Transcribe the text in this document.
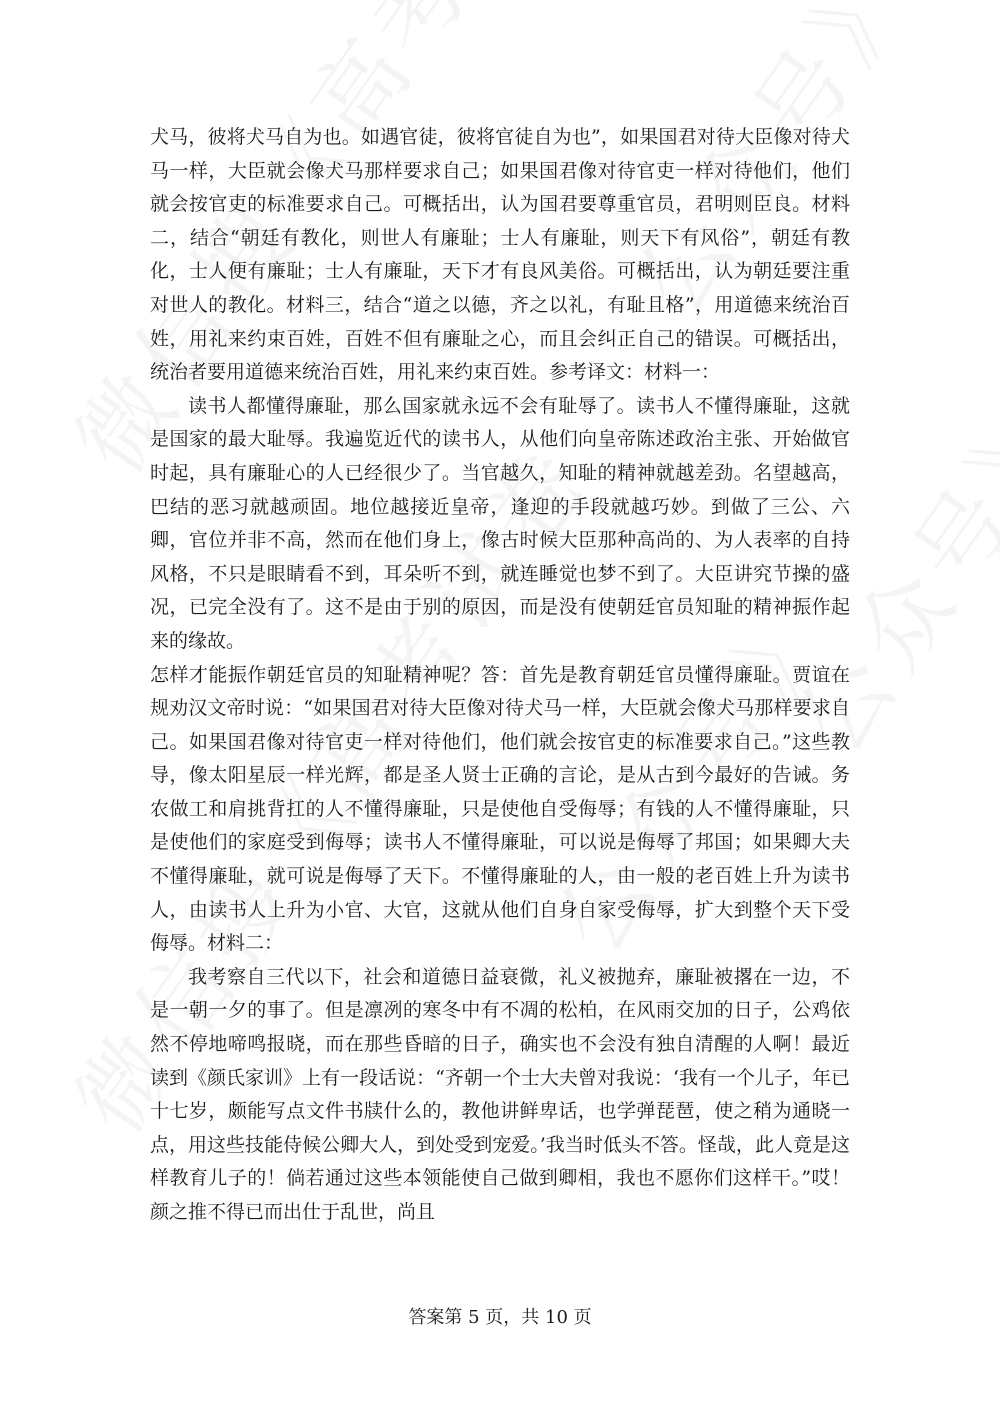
犬马，彼将犬马自为也。如遇官徒，彼将官徒自为也”，如果国君对待大臣像对待犬马一样，大臣就会像犬马那样要求自己；如果国君像对待官吏一样对待他们，他们就会按官吏的标准要求自己。可概括出，认为国君要尊重官员，君明则臣良。材料二，结合“朝廷有教化，则世人有廉耻；士人有廉耻，则天下有风俗”，朝廷有教化，士人便有廉耻；士人有廉耻，天下才有良风美俗。可概括出，认为朝廷要注重对世人的教化。材料三，结合“道之以德，齐之以礼，有耻且格”，用道德来统治百姓，用礼来约束百姓，百姓不但有廉耻之心，而且会纠正自己的错误。可概括出，统治者要用道德来统治百姓，用礼来约束百姓。参考译文：材料一：

读书人都懂得廉耻，那么国家就永远不会有耻辱了。读书人不懂得廉耻，这就是国家的最大耻辱。我遍览近代的读书人，从他们向皇帝陈述政治主张、开始做官时起，具有廉耻心的人已经很少了。当官越久，知耻的精神就越差劲。名望越高，巴结的恶习就越顽固。地位越接近皇帝，逢迎的手段就越巧妙。到做了三公、六卿，官位并非不高，然而在他们身上，像古时候大臣那种高尚的、为人表率的自持风格，不只是眼睛看不到，耳朵听不到，就连睡觉也梦不到了。大臣讲究节操的盛况，已完全没有了。这不是由于别的原因，而是没有使朝廷官员知耻的精神振作起来的缘故。

怎样才能振作朝廷官员的知耻精神呢？答：首先是教育朝廷官员懂得廉耻。贾谊在规劝汉文帝时说：“如果国君对待大臣像对待犬马一样，大臣就会像犬马那样要求自己。如果国君像对待官吏一样对待他们，他们就会按官吏的标准要求自己。”这些教导，像太阳星辰一样光辉，都是圣人贤士正确的言论，是从古到今最好的告诫。务农做工和肩挑背扛的人不懂得廉耻，只是使他自受侮辱；有钱的人不懂得廉耻，只是使他们的家庭受到侮辱；读书人不懂得廉耻，可以说是侮辱了邦国；如果卿大夫不懂得廉耻，就可说是侮辱了天下。不懂得廉耻的人，由一般的老百姓上升为读书人，由读书人上升为小官、大官，这就从他们自身自家受侮辱，扩大到整个天下受侮辱。材料二：

我考察自三代以下，社会和道德日益衰微，礼义被抛弃，廉耻被撂在一边，不是一朝一夕的事了。但是凛冽的寒冬中有不凋的松柏，在风雨交加的日子，公鸡依然不停地啼鸣报晓，而在那些昏暗的日子，确实也不会没有独自清醒的人啊！最近读到《颜氏家训》上有一段话说：“齐朝一个士大夫曾对我说：‘我有一个儿子，年已十七岁，颇能写点文件书牍什么的，教他讲鲜卑话，也学弹琵琶，使之稍为通晓一点，用这些技能侍候公卿大人，到处受到宠爱。’我当时低头不答。怪哉，此人竟是这样教育儿子的！倘若通过这些本领能使自己做到卿相，我也不愿你们这样干。”哎！颜之推不得已而出仕于乱世，尚且

答案第 5 页，共 10 页
